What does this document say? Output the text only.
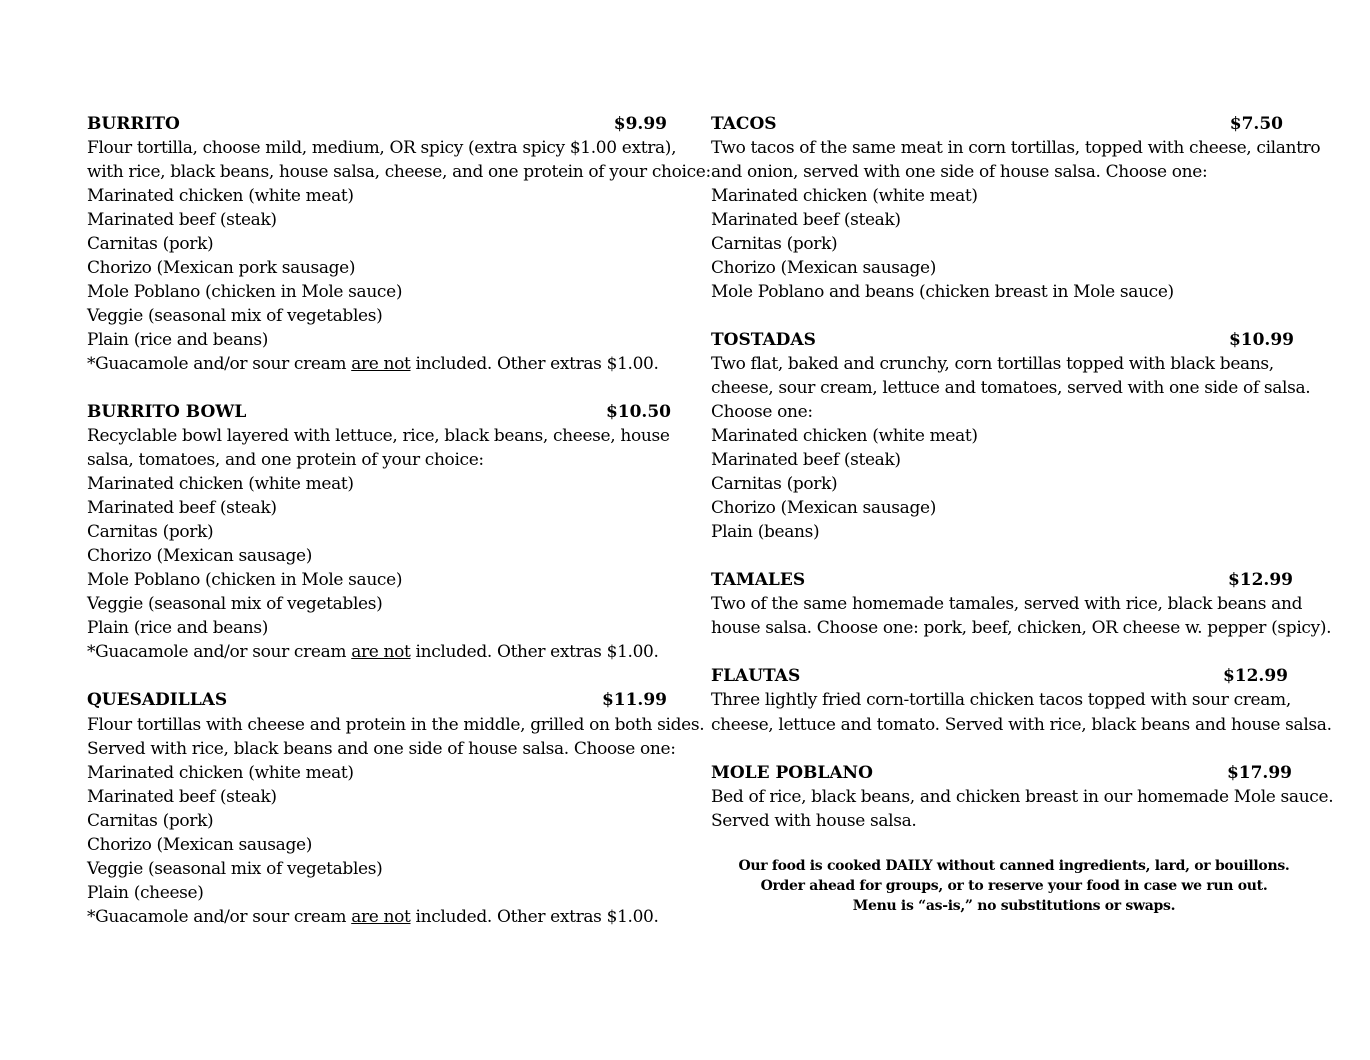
BURRITO	$9.99
Flour tortilla, choose mild, medium, OR spicy (extra spicy $1.00 extra),
with rice, black beans, house salsa, cheese, and one protein of your choice:
Marinated chicken (white meat)
Marinated beef (steak)
Carnitas (pork)
Chorizo (Mexican pork sausage)
Mole Poblano (chicken in Mole sauce)
Veggie (seasonal mix of vegetables)
Plain (rice and beans)
*Guacamole and/or sour cream are not included. Other extras $1.00.
BURRITO BOWL	$10.50
Recyclable bowl layered with lettuce, rice, black beans, cheese, house
salsa, tomatoes, and one protein of your choice:
Marinated chicken (white meat)
Marinated beef (steak)
Carnitas (pork)
Chorizo (Mexican sausage)
Mole Poblano (chicken in Mole sauce)
Veggie (seasonal mix of vegetables)
Plain (rice and beans)
*Guacamole and/or sour cream are not included. Other extras $1.00.
QUESADILLAS	$11.99
Flour tortillas with cheese and protein in the middle, grilled on both sides.
Served with rice, black beans and one side of house salsa. Choose one:
Marinated chicken (white meat)
Marinated beef (steak)
Carnitas (pork)
Chorizo (Mexican sausage)
Veggie (seasonal mix of vegetables)
Plain (cheese)
*Guacamole and/or sour cream are not included. Other extras $1.00.
TACOS	$7.50
Two tacos of the same meat in corn tortillas, topped with cheese, cilantro
and onion, served with one side of house salsa. Choose one:
Marinated chicken (white meat)
Marinated beef (steak)
Carnitas (pork)
Chorizo (Mexican sausage)
Mole Poblano and beans (chicken breast in Mole sauce)
TOSTADAS	$10.99
Two flat, baked and crunchy, corn tortillas topped with black beans,
cheese, sour cream, lettuce and tomatoes, served with one side of salsa.
Choose one:
Marinated chicken (white meat)
Marinated beef (steak)
Carnitas (pork)
Chorizo (Mexican sausage)
Plain (beans)
TAMALES	$12.99
Two of the same homemade tamales, served with rice, black beans and
house salsa. Choose one: pork, beef, chicken, OR cheese w. pepper (spicy).
FLAUTAS	$12.99
Three lightly fried corn-tortilla chicken tacos topped with sour cream,
cheese, lettuce and tomato. Served with rice, black beans and house salsa.
MOLE POBLANO	$17.99
Bed of rice, black beans, and chicken breast in our homemade Mole sauce.
Served with house salsa.
Our food is cooked DAILY without canned ingredients, lard, or bouillons.
Order ahead for groups, or to reserve your food in case we run out.
Menu is “as-is,” no substitutions or swaps.
